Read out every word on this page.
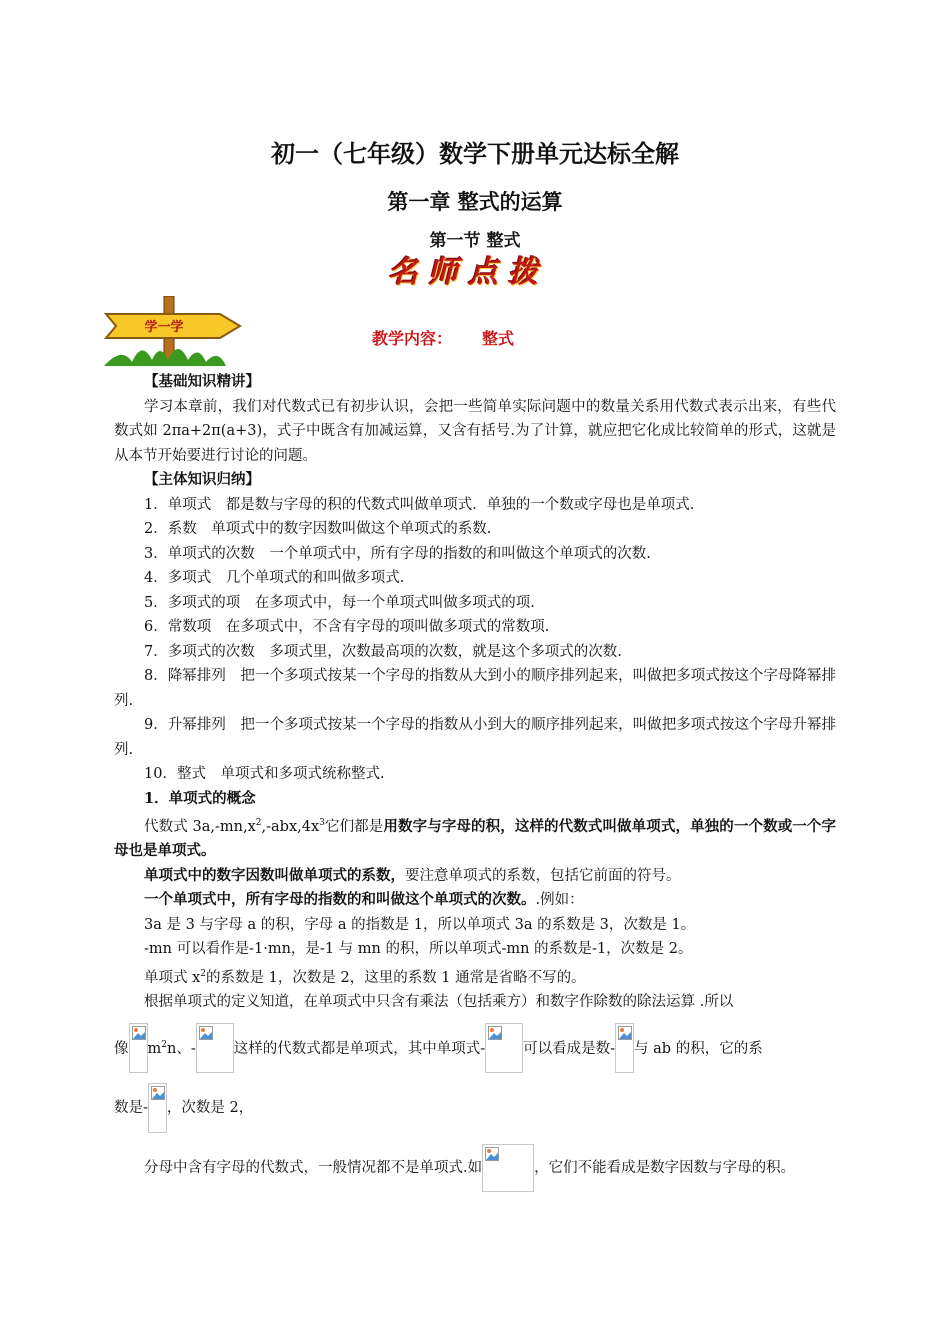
初一（七年级）数学下册单元达标全解
第一章 整式的运算
第一节 整式
名 师 点 拨
学一学
教学内容： 整式

【基础知识精讲】

学习本章前，我们对代数式已有初步认识，会把一些简单实际问题中的数量关系用代数式表示出来，有些代数式如 2πa+2π(a+3)，式子中既含有加减运算，又含有括号.为了计算，就应把它化成比较简单的形式，这就是从本节开始要进行讨论的问题。

【主体知识归纳】

1．单项式　都是数与字母的积的代数式叫做单项式．单独的一个数或字母也是单项式.

2．系数　单项式中的数字因数叫做这个单项式的系数.

3．单项式的次数　一个单项式中，所有字母的指数的和叫做这个单项式的次数.

4．多项式　几个单项式的和叫做多项式.

5．多项式的项　在多项式中，每一个单项式叫做多项式的项.

6．常数项　在多项式中，不含有字母的项叫做多项式的常数项.

7．多项式的次数　多项式里，次数最高项的次数，就是这个多项式的次数.

8．降幂排列　把一个多项式按某一个字母的指数从大到小的顺序排列起来，叫做把多项式按这个字母降幂排列.

9．升幂排列　把一个多项式按某一个字母的指数从小到大的顺序排列起来，叫做把多项式按这个字母升幂排列.

10．整式　单项式和多项式统称整式.

1．单项式的概念

代数式 $3a,-mn,x^2,-abx,4x^3$它们都是用数字与字母的积，这样的代数式叫做单项式，单独的一个数或一个字母也是单项式。

单项式中的数字因数叫做单项式的系数，要注意单项式的系数，包括它前面的符号。

一个单项式中，所有字母的指数的和叫做这个单项式的次数。.例如：

3a 是 3 与字母 a 的积，字母 a 的指数是 1，所以单项式 3a 的系数是 3，次数是 1。

-mn 可以看作是-1·mn，是-1 与 mn 的积，所以单项式-mn 的系数是-1，次数是 2。

单项式 $x^2$的系数是 1，次数是 2，这里的系数 1 通常是省略不写的。

根据单项式的定义知道，在单项式中只含有乘法（包括乘方）和数字作除数的除法运算 .所以

像 $m^2n$、-	这样的代数式都是单项式，其中单项式-	可以看成是数- 与 ab 的积，它的系

数是- ，次数是 2，

分母中含有字母的代数式，一般情况都不是单项式.如	，它们不能看成是数字因数与字母的积。
